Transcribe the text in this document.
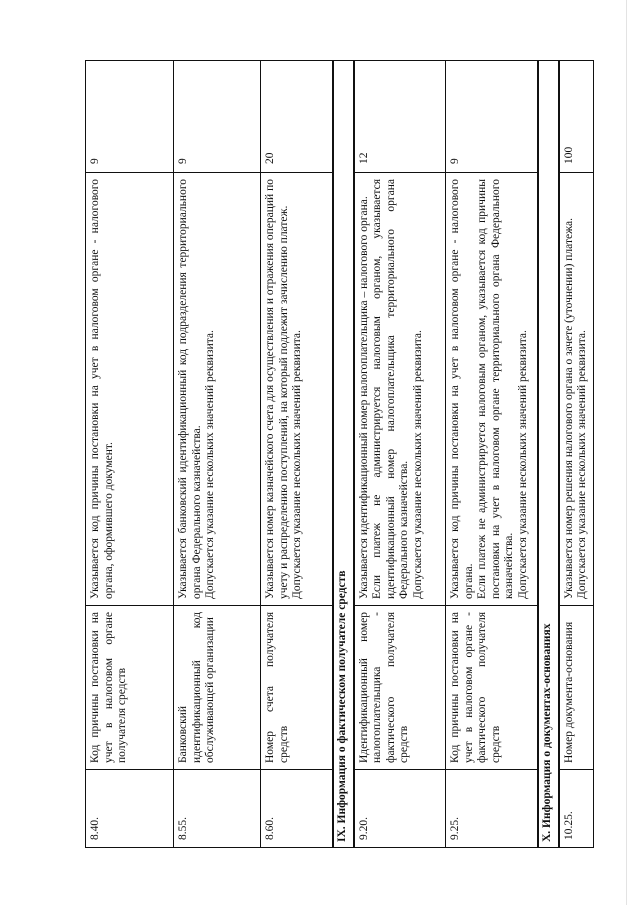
8.40.	Код причины постановки на учет в налоговом органе получателя средств	Указывается код причины постановки на учет в налоговом органе - налогового органа, оформившего документ.	9
8.55.	Банковский идентификационный код обслуживающей организации	Указывается банковский идентификационный код подразделения территориального органа Федерального казначейства. Допускается указание нескольких значений реквизита.	9
8.60.	Номер счета получателя средств	Указывается номер казначейского счета для осуществления и отражения операций по учету и распределению поступлений, на который подлежит зачислению платеж. Допускается указание нескольких значений реквизита.	20
IX. Информация о фактическом получателе средств			
9.20.	Идентификационный номер налогоплательщика - фактического получателя средств	Указывается идентификационный номер налогоплательщика – налогового органа. Если платеж не администрируется налоговым органом, указывается идентификационный номер налогоплательщика территориального органа Федерального казначейства. Допускается указание нескольких значений реквизита.	12
9.25.	Код причины постановки на учет в налоговом органе - фактического получателя средств	Указывается код причины постановки на учет в налоговом органе - налогового органа. Если платеж не администрируется налоговым органом, указывается код причины постановки на учет в налоговом органе территориального органа Федерального казначейства. Допускается указание нескольких значений реквизита.	9
X. Информация о документах-основаниях			
10.25.	Номер документа-основания	Указывается номер решения налогового органа о зачете (уточнении) платежа. Допускается указание нескольких значений реквизита.	100
